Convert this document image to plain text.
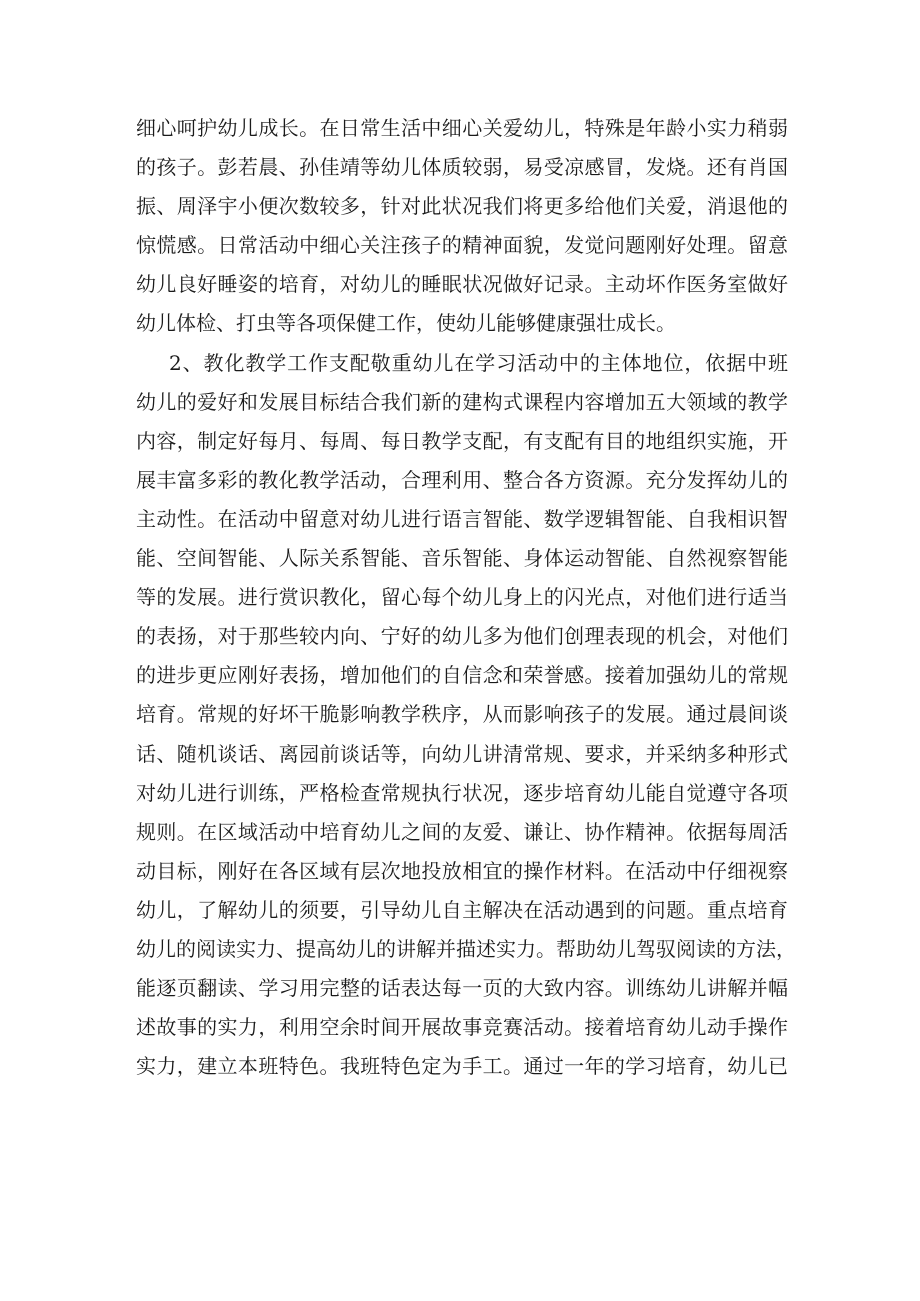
细心呵护幼儿成长。在日常生活中细心关爱幼儿，特殊是年龄小实力稍弱
的孩子。彭若晨、孙佳靖等幼儿体质较弱，易受凉感冒，发烧。还有肖国
振、周泽宇小便次数较多，针对此状况我们将更多给他们关爱，消退他的
惊慌感。日常活动中细心关注孩子的精神面貌，发觉问题刚好处理。留意
幼儿良好睡姿的培育，对幼儿的睡眠状况做好记录。主动坏作医务室做好
幼儿体检、打虫等各项保健工作，使幼儿能够健康强壮成长。
2、教化教学工作支配敬重幼儿在学习活动中的主体地位，依据中班
幼儿的爱好和发展目标结合我们新的建构式课程内容增加五大领域的教学
内容，制定好每月、每周、每日教学支配，有支配有目的地组织实施，开
展丰富多彩的教化教学活动，合理利用、整合各方资源。充分发挥幼儿的
主动性。在活动中留意对幼儿进行语言智能、数学逻辑智能、自我相识智
能、空间智能、人际关系智能、音乐智能、身体运动智能、自然视察智能
等的发展。进行赏识教化，留心每个幼儿身上的闪光点，对他们进行适当
的表扬，对于那些较内向、宁好的幼儿多为他们创理表现的机会，对他们
的进步更应刚好表扬，增加他们的自信念和荣誉感。接着加强幼儿的常规
培育。常规的好坏干脆影响教学秩序，从而影响孩子的发展。通过晨间谈
话、随机谈话、离园前谈话等，向幼儿讲清常规、要求，并采纳多种形式
对幼儿进行训练，严格检查常规执行状况，逐步培育幼儿能自觉遵守各项
规则。在区域活动中培育幼儿之间的友爱、谦让、协作精神。依据每周活
动目标，刚好在各区域有层次地投放相宜的操作材料。在活动中仔细视察
幼儿，了解幼儿的须要，引导幼儿自主解决在活动遇到的问题。重点培育
幼儿的阅读实力、提高幼儿的讲解并描述实力。帮助幼儿驾驭阅读的方法，
能逐页翻读、学习用完整的话表达每一页的大致内容。训练幼儿讲解并幅
述故事的实力，利用空余时间开展故事竞赛活动。接着培育幼儿动手操作
实力，建立本班特色。我班特色定为手工。通过一年的学习培育，幼儿已
